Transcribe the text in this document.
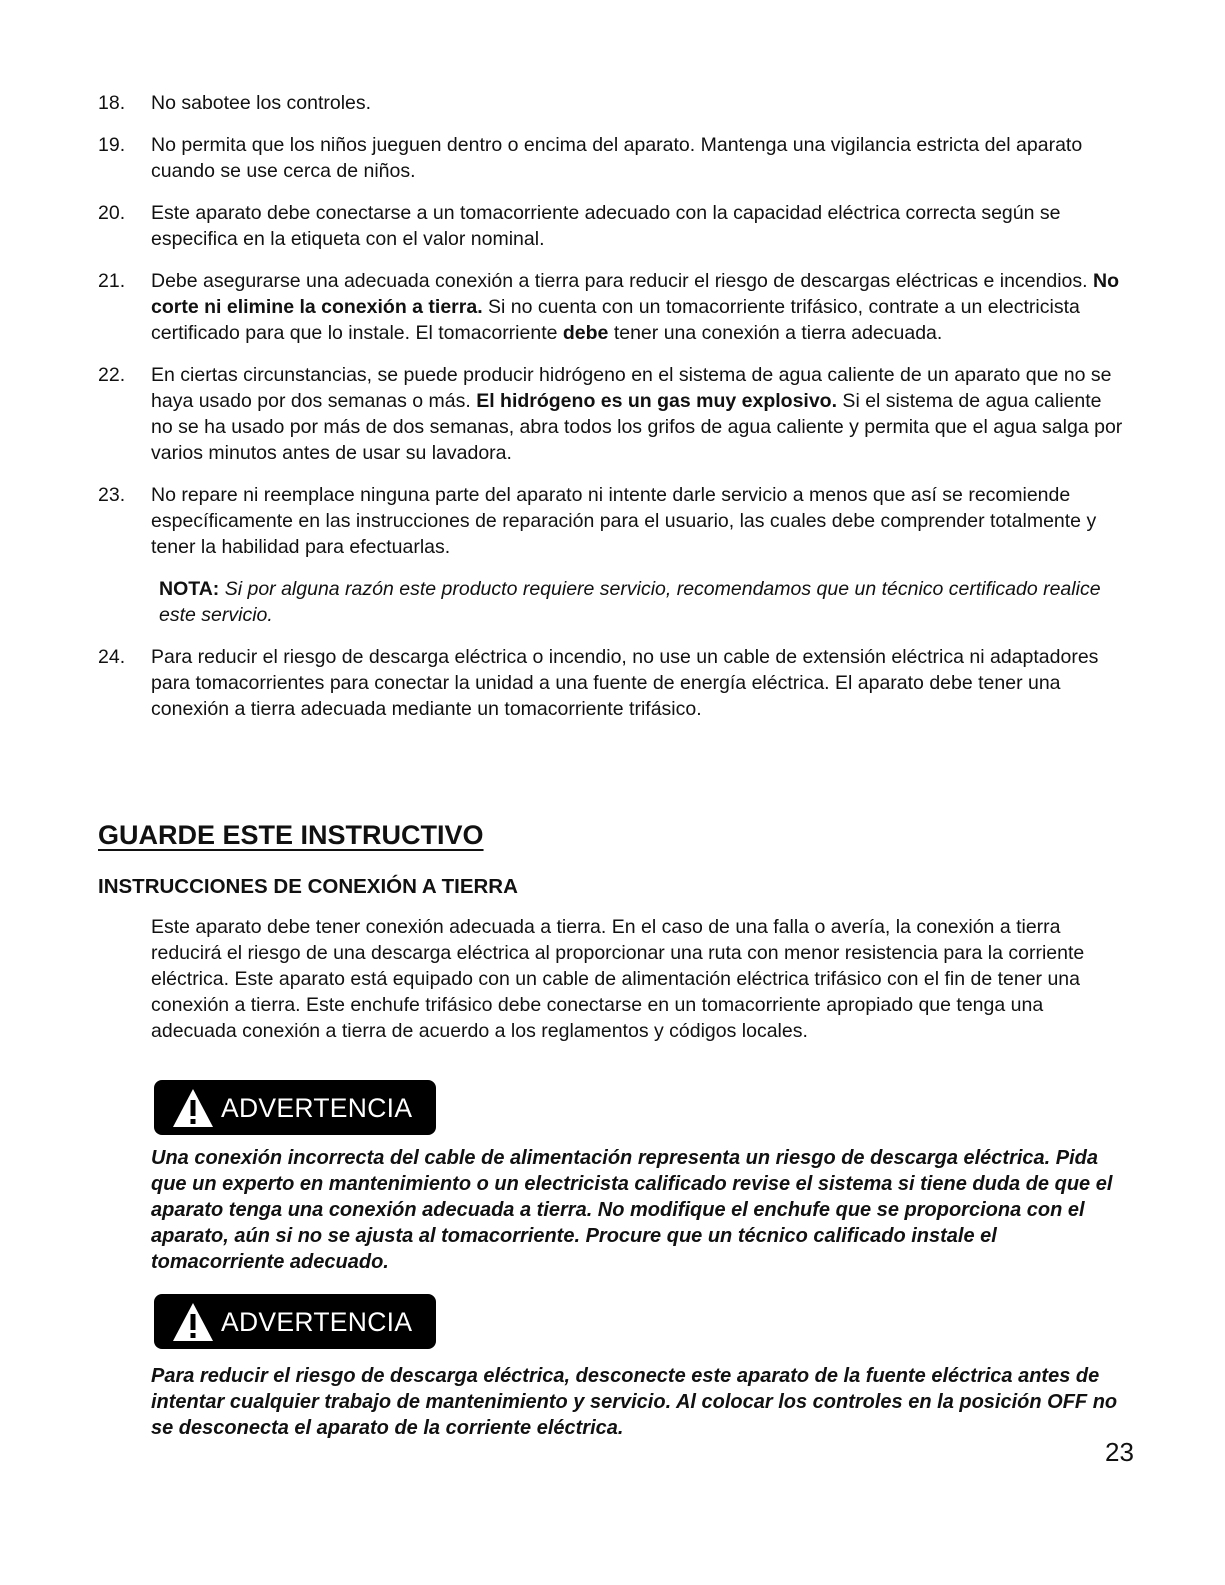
18.	No sabotee los controles.
19.	No permita que los niños jueguen dentro o encima del aparato. Mantenga una vigilancia estricta del aparato cuando se use cerca de niños.
20.	Este aparato debe conectarse a un tomacorriente adecuado con la capacidad eléctrica correcta según se especifica en la etiqueta con el valor nominal.
21.	Debe asegurarse una adecuada conexión a tierra para reducir el riesgo de descargas eléctricas e incendios. No corte ni elimine la conexión a tierra. Si no cuenta con un tomacorriente trifásico, contrate a un electricista certificado para que lo instale. El tomacorriente debe tener una conexión a tierra adecuada.
22.	En ciertas circunstancias, se puede producir hidrógeno en el sistema de agua caliente de un aparato que no se haya usado por dos semanas o más. El hidrógeno es un gas muy explosivo. Si el sistema de agua caliente no se ha usado por más de dos semanas, abra todos los grifos de agua caliente y permita que el agua salga por varios minutos antes de usar su lavadora.
23.	No repare ni reemplace ninguna parte del aparato ni intente darle servicio a menos que así se recomiende específicamente en las instrucciones de reparación para el usuario, las cuales debe comprender totalmente y tener la habilidad para efectuarlas.
NOTA: Si por alguna razón este producto requiere servicio, recomendamos que un técnico certificado realice este servicio.
24.	Para reducir el riesgo de descarga eléctrica o incendio, no use un cable de extensión eléctrica ni adaptadores para tomacorrientes para conectar la unidad a una fuente de energía eléctrica. El aparato debe tener una conexión a tierra adecuada mediante un tomacorriente trifásico.
GUARDE ESTE INSTRUCTIVO
INSTRUCCIONES DE CONEXIÓN A TIERRA
Este aparato debe tener conexión adecuada a tierra. En el caso de una falla o avería, la conexión a tierra reducirá el riesgo de una descarga eléctrica al proporcionar una ruta con menor resistencia para la corriente eléctrica. Este aparato está equipado con un cable de alimentación eléctrica trifásico con el fin de tener una conexión a tierra. Este enchufe trifásico debe conectarse en un tomacorriente apropiado que tenga una adecuada conexión a tierra de acuerdo a los reglamentos y códigos locales.
ADVERTENCIA
Una conexión incorrecta del cable de alimentación representa un riesgo de descarga eléctrica. Pida que un experto en mantenimiento o un electricista calificado revise el sistema si tiene duda de que el aparato tenga una conexión adecuada a tierra. No modifique el enchufe que se proporciona con el aparato, aún si no se ajusta al tomacorriente. Procure que un técnico calificado instale el tomacorriente adecuado.
ADVERTENCIA
Para reducir el riesgo de descarga eléctrica, desconecte este aparato de la fuente eléctrica antes de intentar cualquier trabajo de mantenimiento y servicio. Al colocar los controles en la posición OFF no se desconecta el aparato de la corriente eléctrica.
23
